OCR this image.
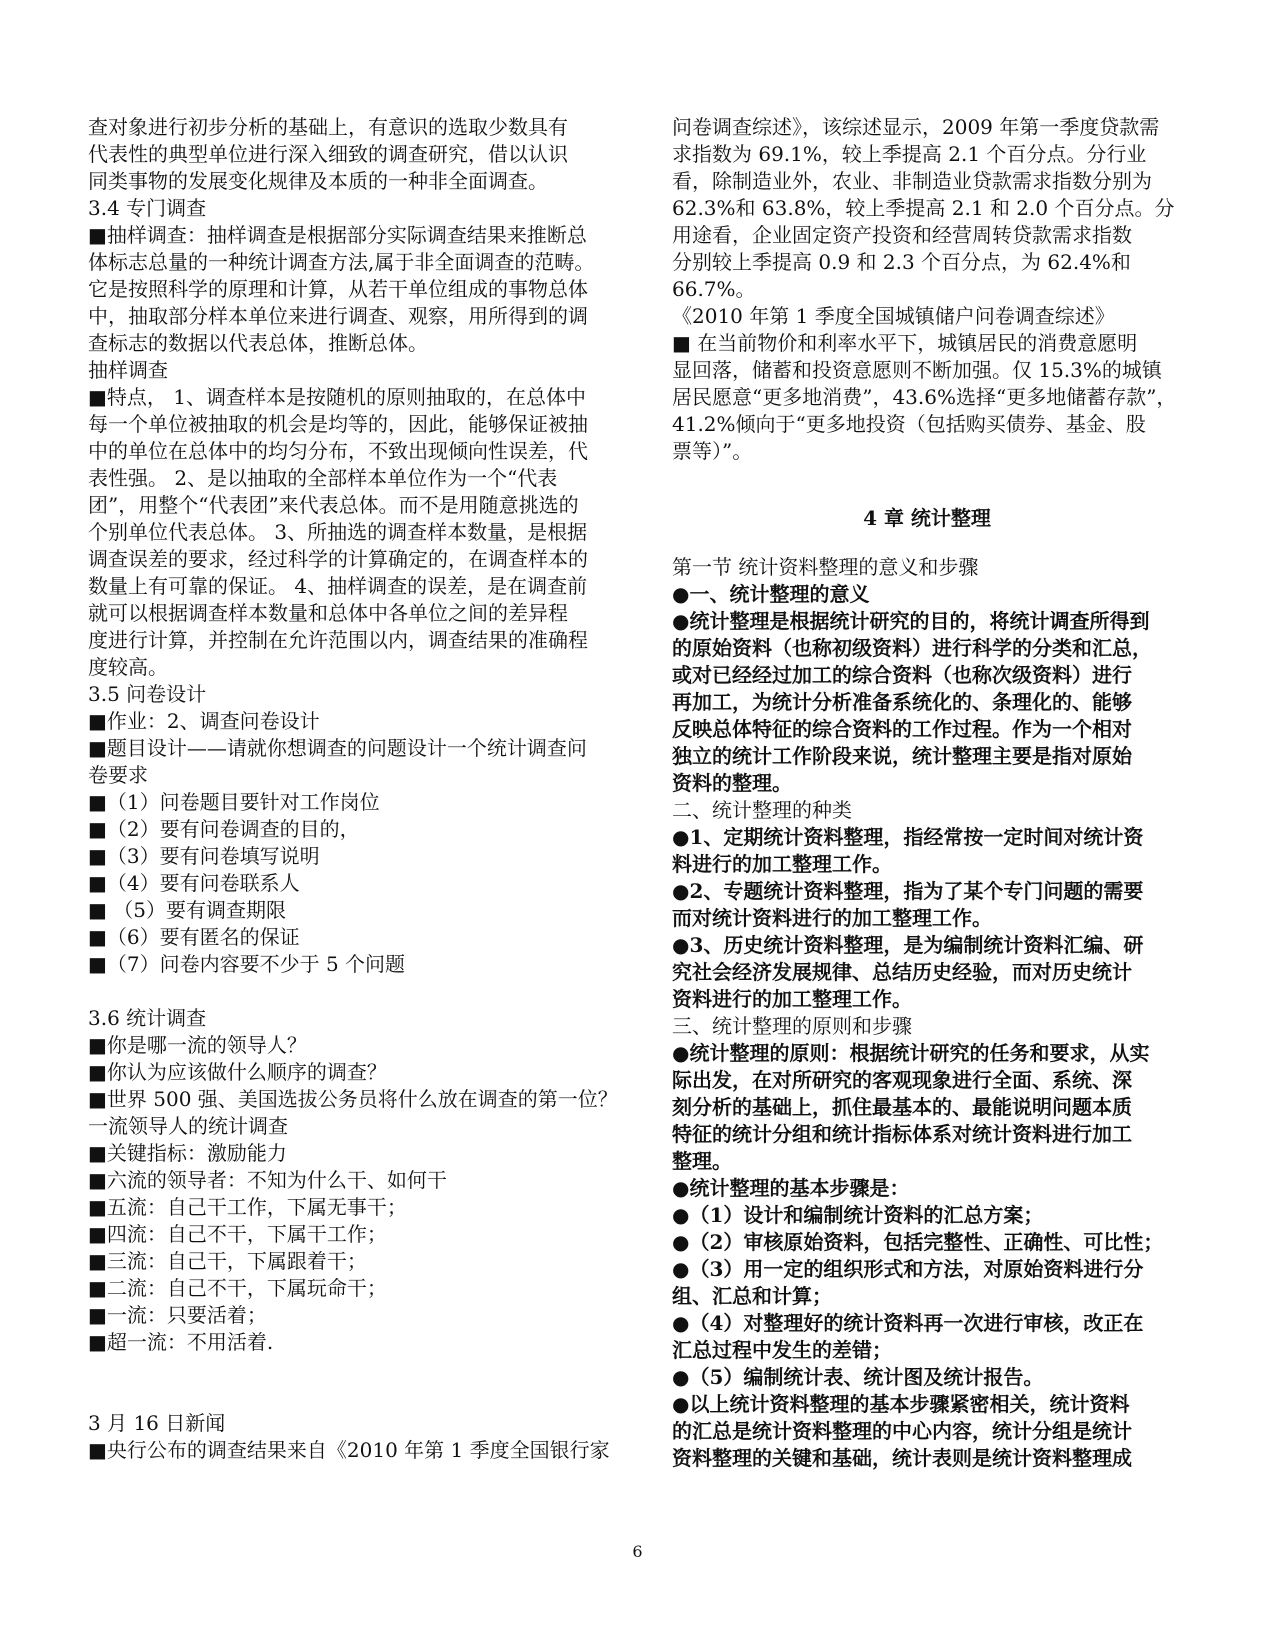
查对象进行初步分析的基础上，有意识的选取少数具有
代表性的典型单位进行深入细致的调查研究，借以认识
同类事物的发展变化规律及本质的一种非全面调查。
3.4 专门调查
■抽样调查：抽样调查是根据部分实际调查结果来推断总
体标志总量的一种统计调查方法,属于非全面调查的范畴。
它是按照科学的原理和计算，从若干单位组成的事物总体
中，抽取部分样本单位来进行调查、观察，用所得到的调
查标志的数据以代表总体，推断总体。
抽样调查
■特点， 1、调查样本是按随机的原则抽取的，在总体中
每一个单位被抽取的机会是均等的，因此，能够保证被抽
中的单位在总体中的均匀分布，不致出现倾向性误差，代
表性强。 2、是以抽取的全部样本单位作为一个“代表
团”，用整个“代表团”来代表总体。而不是用随意挑选的
个别单位代表总体。 3、所抽选的调查样本数量，是根据
调查误差的要求，经过科学的计算确定的，在调查样本的
数量上有可靠的保证。 4、抽样调查的误差，是在调查前
就可以根据调查样本数量和总体中各单位之间的差异程
度进行计算，并控制在允许范围以内，调查结果的准确程
度较高。
3.5 问卷设计
■作业：2、调查问卷设计
■题目设计——请就你想调查的问题设计一个统计调查问
卷要求
■（1）问卷题目要针对工作岗位
■（2）要有问卷调查的目的，
■（3）要有问卷填写说明
■（4）要有问卷联系人
■ （5）要有调查期限
■（6）要有匿名的保证
■（7）问卷内容要不少于 5 个问题
3.6 统计调查
■你是哪一流的领导人？
■你认为应该做什么顺序的调查？
■世界 500 强、美国选拔公务员将什么放在调查的第一位？
一流领导人的统计调查
■关键指标：激励能力
■六流的领导者：不知为什么干、如何干
■五流：自己干工作，下属无事干；
■四流：自己不干，下属干工作；
■三流：自己干，下属跟着干；
■二流：自己不干，下属玩命干；
■一流：只要活着；
■超一流：不用活着.
3 月 16 日新闻
■央行公布的调查结果来自《2010 年第 1 季度全国银行家
问卷调查综述》，该综述显示，2009 年第一季度贷款需
求指数为 69.1%，较上季提高 2.1 个百分点。分行业
看，除制造业外，农业、非制造业贷款需求指数分别为
62.3%和 63.8%，较上季提高 2.1 和 2.0 个百分点。分
用途看，企业固定资产投资和经营周转贷款需求指数
分别较上季提高 0.9 和 2.3 个百分点，为 62.4%和
66.7%。
《2010 年第 1 季度全国城镇储户问卷调查综述》
■ 在当前物价和利率水平下，城镇居民的消费意愿明
显回落，储蓄和投资意愿则不断加强。仅 15.3%的城镇
居民愿意“更多地消费”，43.6%选择“更多地储蓄存款”，
41.2%倾向于“更多地投资（包括购买债券、基金、股
票等）”。
4 章 统计整理
第一节 统计资料整理的意义和步骤
●一、统计整理的意义
●统计整理是根据统计研究的目的，将统计调查所得到
的原始资料（也称初级资料）进行科学的分类和汇总，
或对已经经过加工的综合资料（也称次级资料）进行
再加工，为统计分析准备系统化的、条理化的、能够
反映总体特征的综合资料的工作过程。作为一个相对
独立的统计工作阶段来说，统计整理主要是指对原始
资料的整理。
二、统计整理的种类
●1、定期统计资料整理，指经常按一定时间对统计资
料进行的加工整理工作。
●2、专题统计资料整理，指为了某个专门问题的需要
而对统计资料进行的加工整理工作。
●3、历史统计资料整理，是为编制统计资料汇编、研
究社会经济发展规律、总结历史经验，而对历史统计
资料进行的加工整理工作。
三、统计整理的原则和步骤
●统计整理的原则：根据统计研究的任务和要求，从实
际出发，在对所研究的客观现象进行全面、系统、深
刻分析的基础上，抓住最基本的、最能说明问题本质
特征的统计分组和统计指标体系对统计资料进行加工
整理。
●统计整理的基本步骤是：
●（1）设计和编制统计资料的汇总方案；
●（2）审核原始资料，包括完整性、正确性、可比性；
●（3）用一定的组织形式和方法，对原始资料进行分
组、汇总和计算；
●（4）对整理好的统计资料再一次进行审核，改正在
汇总过程中发生的差错；
●（5）编制统计表、统计图及统计报告。
●以上统计资料整理的基本步骤紧密相关，统计资料
的汇总是统计资料整理的中心内容，统计分组是统计
资料整理的关键和基础，统计表则是统计资料整理成
6
